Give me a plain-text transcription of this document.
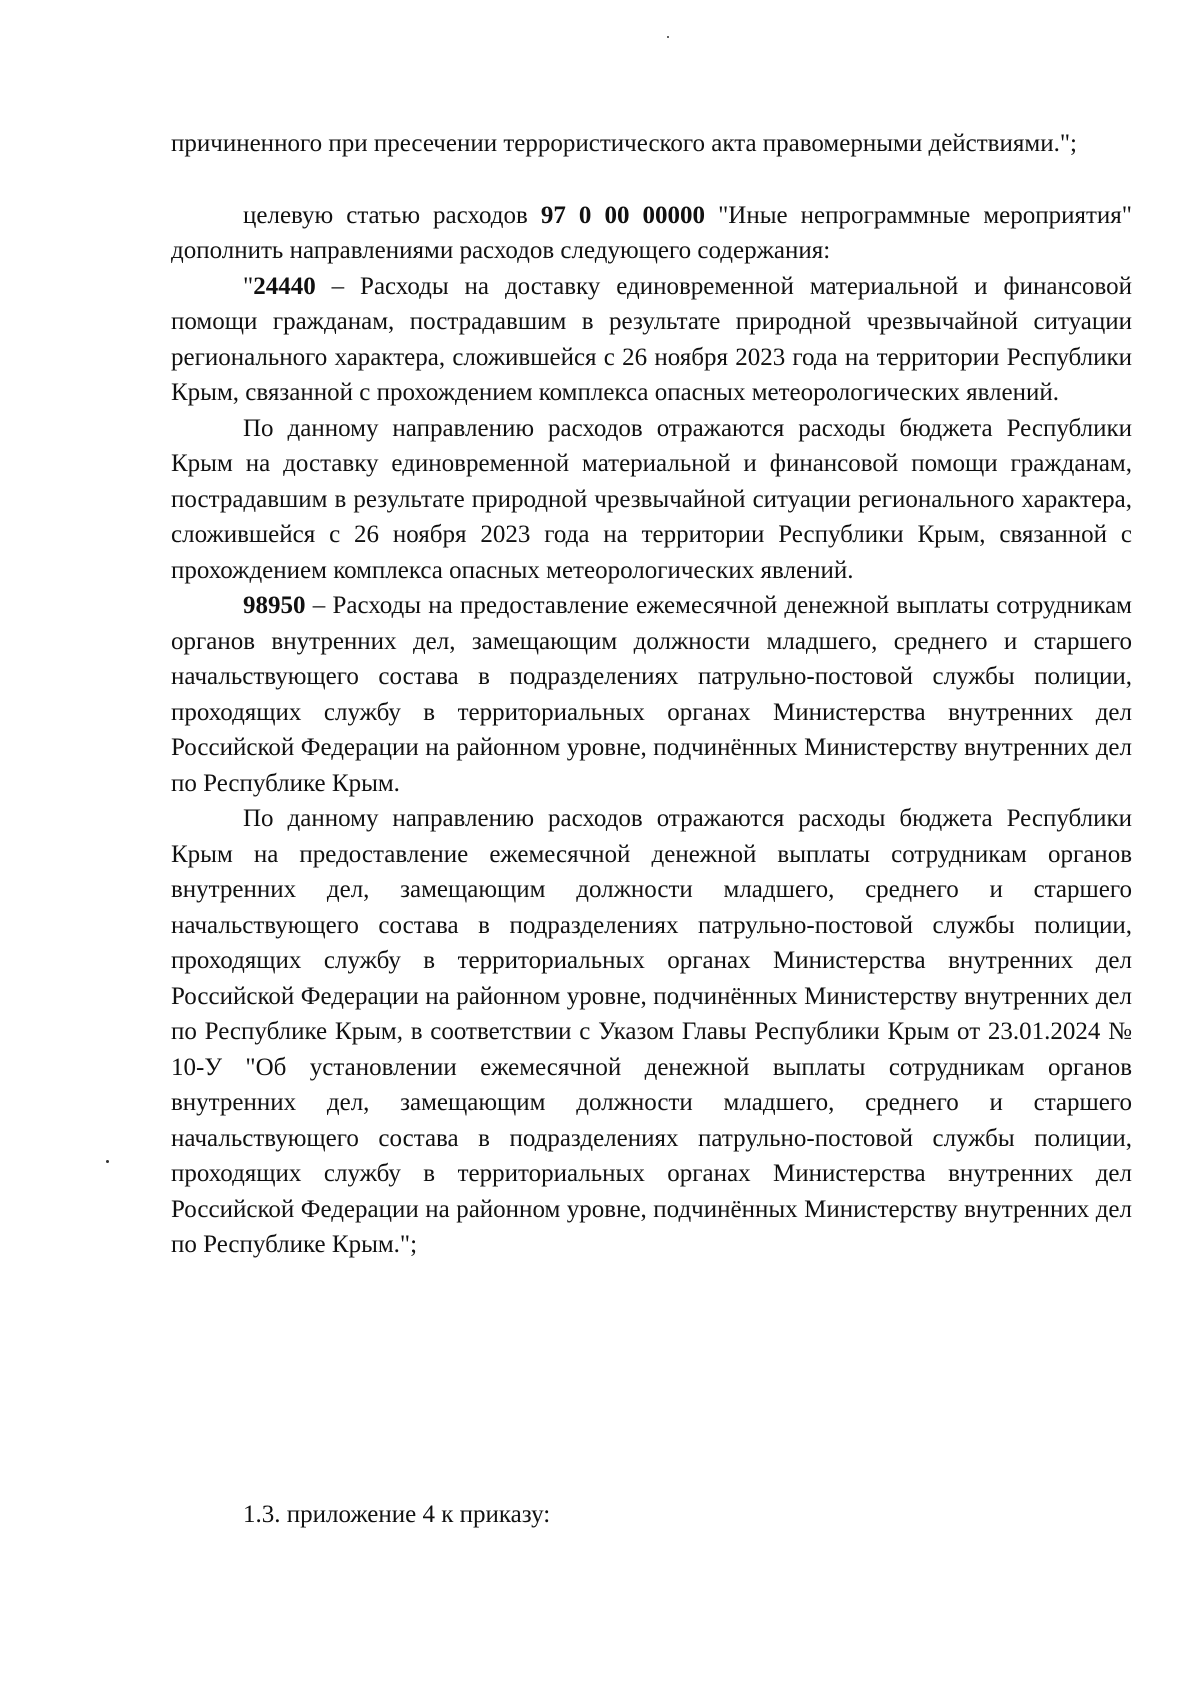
причиненного при пресечении террористического акта правомерными действиями.";

целевую статью расходов 97 0 00 00000 "Иные непрограммные мероприятия" дополнить направлениями расходов следующего содержания:

"24440 – Расходы на доставку единовременной материальной и финансовой помощи гражданам, пострадавшим в результате природной чрезвычайной ситуации регионального характера, сложившейся с 26 ноября 2023 года на территории Республики Крым, связанной с прохождением комплекса опасных метеорологических явлений.

По данному направлению расходов отражаются расходы бюджета Республики Крым на доставку единовременной материальной и финансовой помощи гражданам, пострадавшим в результате природной чрезвычайной ситуации регионального характера, сложившейся с 26 ноября 2023 года на территории Республики Крым, связанной с прохождением комплекса опасных метеорологических явлений.

98950 – Расходы на предоставление ежемесячной денежной выплаты сотрудникам органов внутренних дел, замещающим должности младшего, среднего и старшего начальствующего состава в подразделениях патрульно-постовой службы полиции, проходящих службу в территориальных органах Министерства внутренних дел Российской Федерации на районном уровне, подчинённых Министерству внутренних дел по Республике Крым.

По данному направлению расходов отражаются расходы бюджета Республики Крым на предоставление ежемесячной денежной выплаты сотрудникам органов внутренних дел, замещающим должности младшего, среднего и старшего начальствующего состава в подразделениях патрульно-постовой службы полиции, проходящих службу в территориальных органах Министерства внутренних дел Российской Федерации на районном уровне, подчинённых Министерству внутренних дел по Республике Крым, в соответствии с Указом Главы Республики Крым от 23.01.2024 № 10-У "Об установлении ежемесячной денежной выплаты сотрудникам органов внутренних дел, замещающим должности младшего, среднего и старшего начальствующего состава в подразделениях патрульно-постовой службы полиции, проходящих службу в территориальных органах Министерства внутренних дел Российской Федерации на районном уровне, подчинённых Министерству внутренних дел по Республике Крым.";

1.3. приложение 4 к приказу:
